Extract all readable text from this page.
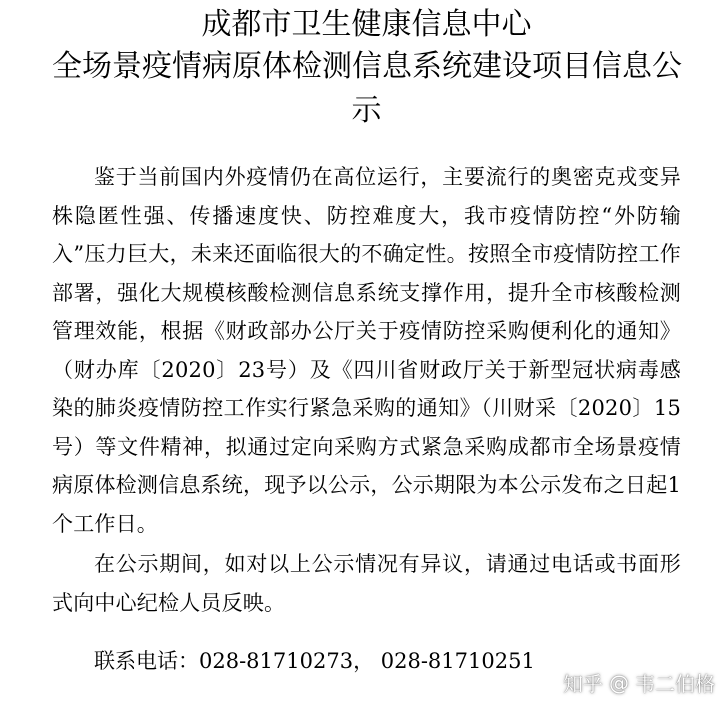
成都市卫生健康信息中心
全场景疫情病原体检测信息系统建设项目信息公
示

鉴于当前国内外疫情仍在高位运行，主要流行的奥密克戎变异株隐匿性强、传播速度快、防控难度大，我市疫情防控“外防输入”压力巨大，未来还面临很大的不确定性。按照全市疫情防控工作部署，强化大规模核酸检测信息系统支撑作用，提升全市核酸检测管理效能，根据《财政部办公厅关于疫情防控采购便利化的通知》（财办库〔2020〕23号）及《四川省财政厅关于新型冠状病毒感染的肺炎疫情防控工作实行紧急采购的通知》（川财采〔2020〕15号）等文件精神，拟通过定向采购方式紧急采购成都市全场景疫情病原体检测信息系统，现予以公示，公示期限为本公示发布之日起1个工作日。

在公示期间，如对以上公示情况有异议，请通过电话或书面形式向中心纪检人员反映。

联系电话：028-81710273， 028-81710251
知乎 @ 韦二伯格
